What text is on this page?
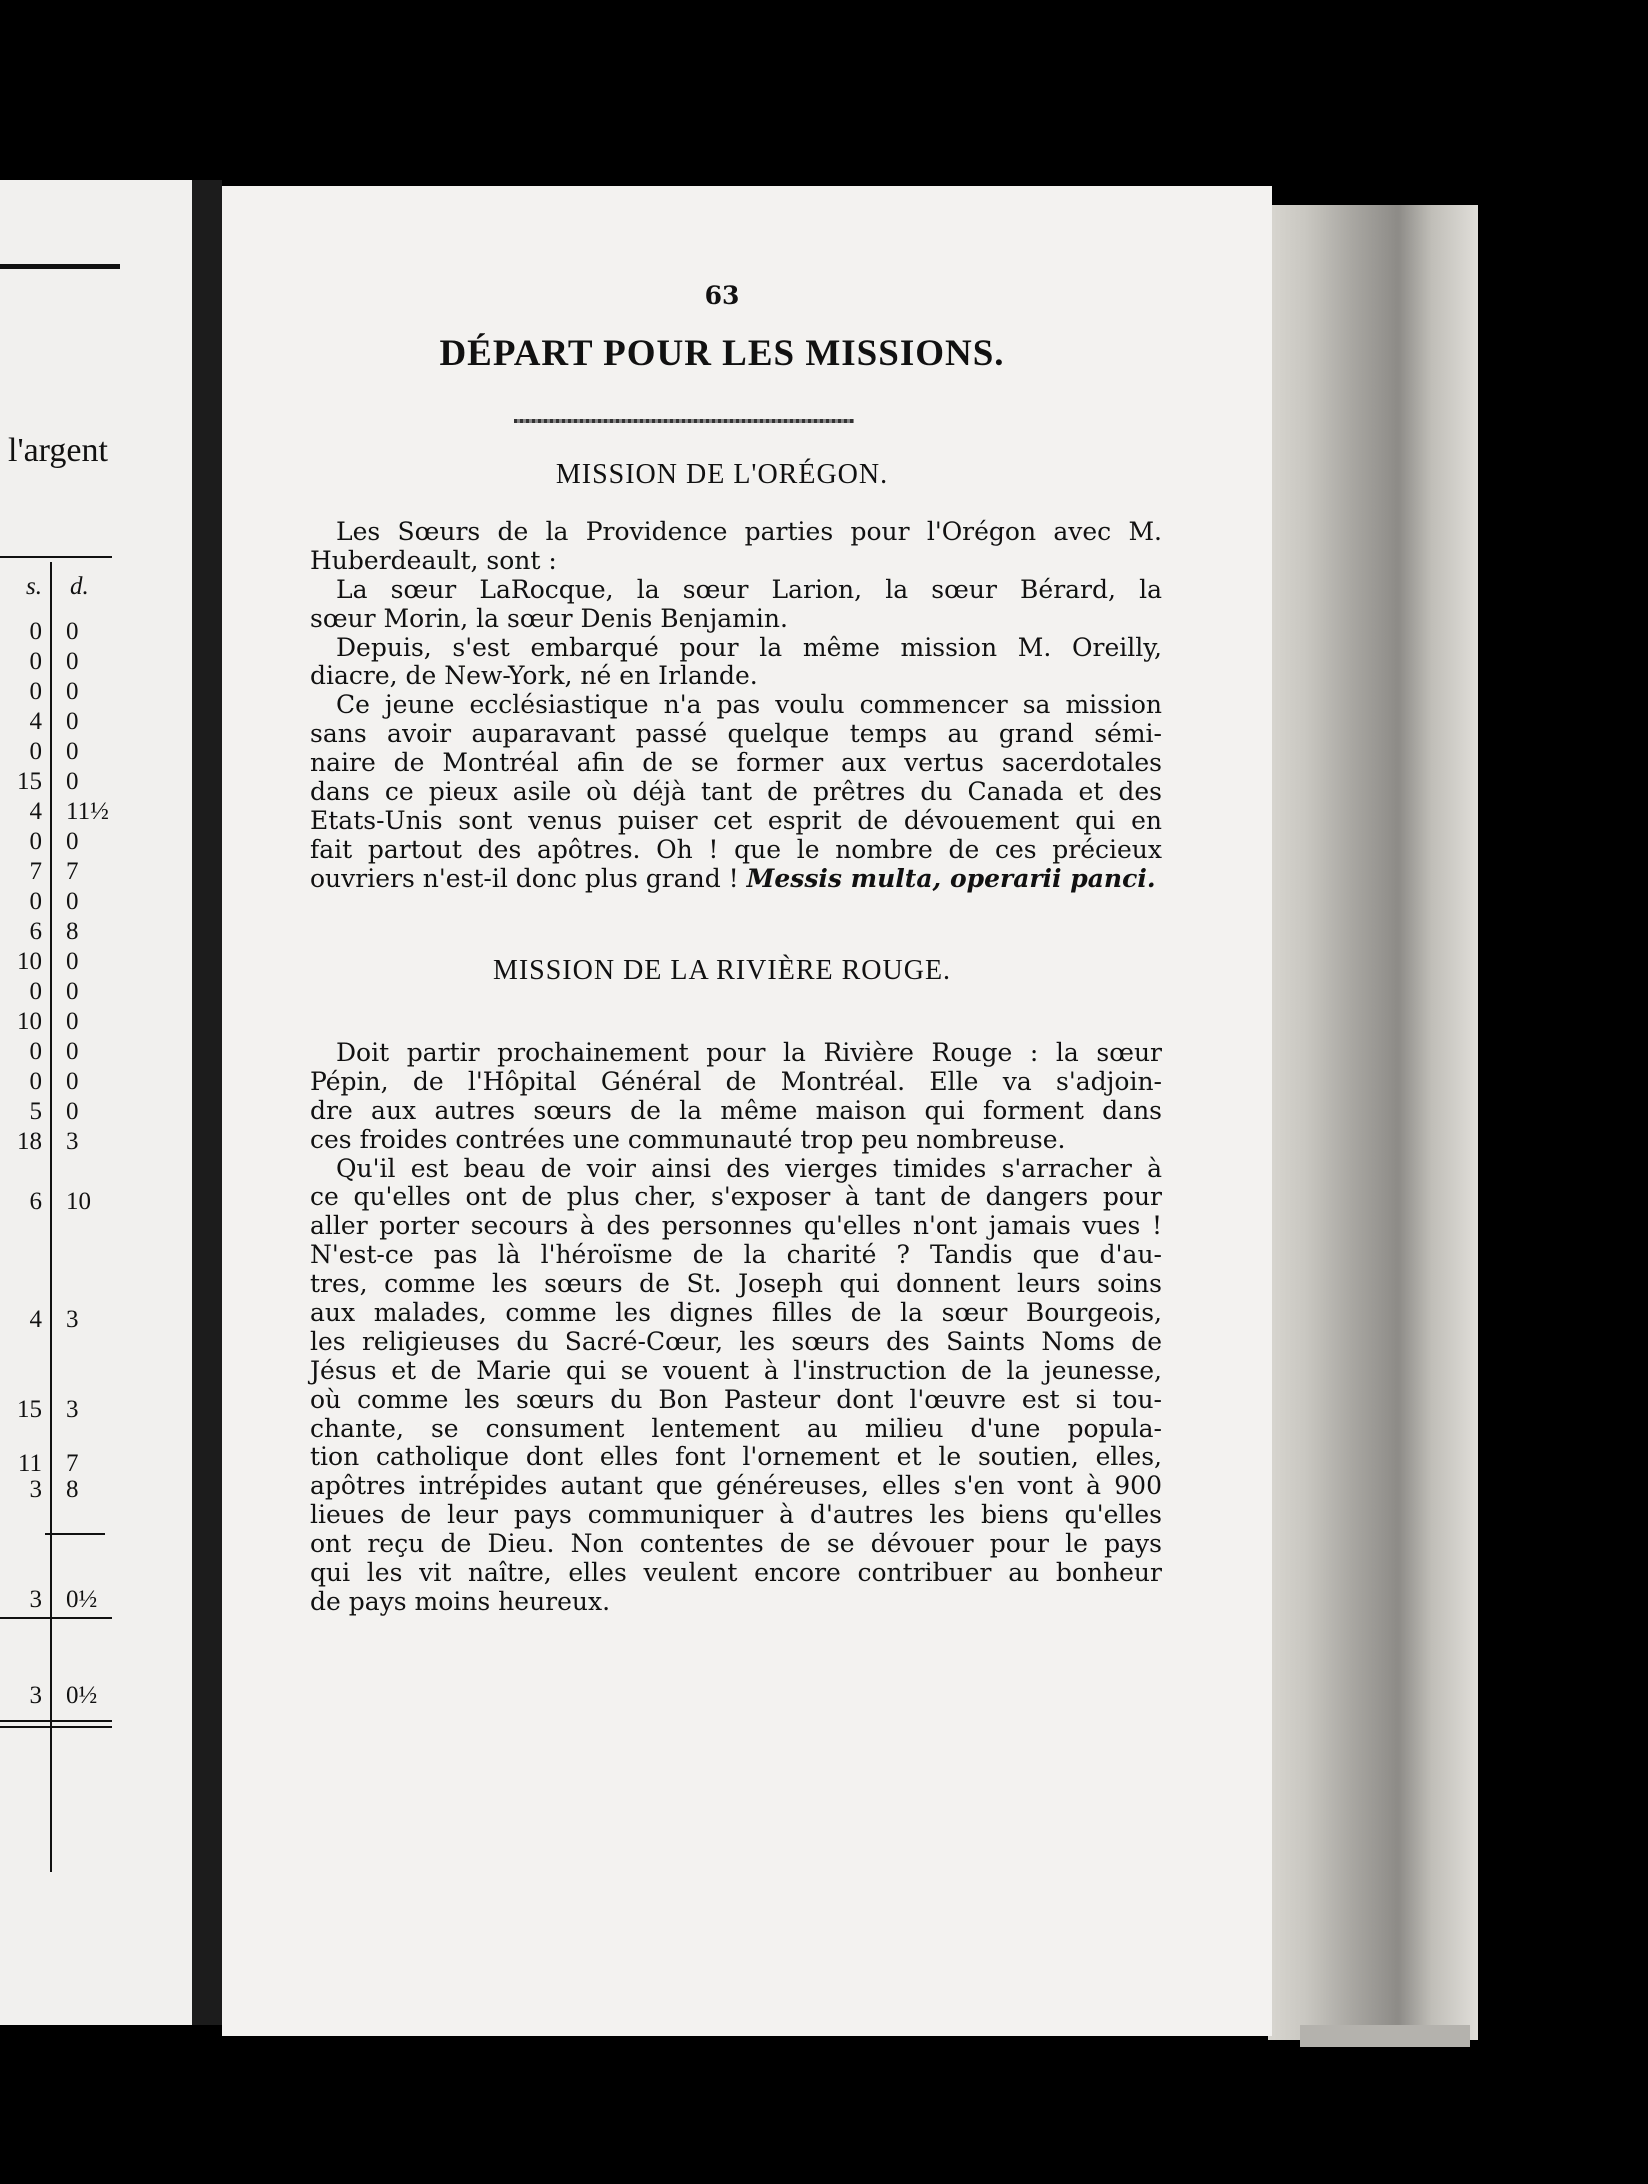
l'argent
s. d.
0 0
0 0
0 0
4 0
0 0
15 0
4 11½
0 0
7 7
0 0
6 8
10 0
0 0
10 0
0 0
0 0
5 0
18 3
6 10
4 3
15 3
11 7
3 8
3 0½
3 0½
63
DÉPART POUR LES MISSIONS.
MISSION DE L'ORÉGON.
Les Sœurs de la Providence parties pour l'Orégon avec M.
Huberdeault, sont :
La sœur LaRocque, la sœur Larion, la sœur Bérard, la
sœur Morin, la sœur Denis Benjamin.
Depuis, s'est embarqué pour la même mission M. Oreilly,
diacre, de New-York, né en Irlande.
Ce jeune ecclésiastique n'a pas voulu commencer sa mission
sans avoir auparavant passé quelque temps au grand sémi-
naire de Montréal afin de se former aux vertus sacerdotales
dans ce pieux asile où déjà tant de prêtres du Canada et des
Etats-Unis sont venus puiser cet esprit de dévouement qui en
fait partout des apôtres. Oh ! que le nombre de ces précieux
ouvriers n'est-il donc plus grand ! Messis multa, operarii panci.
MISSION DE LA RIVIÈRE ROUGE.
Doit partir prochainement pour la Rivière Rouge : la sœur
Pépin, de l'Hôpital Général de Montréal. Elle va s'adjoin-
dre aux autres sœurs de la même maison qui forment dans
ces froides contrées une communauté trop peu nombreuse.
Qu'il est beau de voir ainsi des vierges timides s'arracher à
ce qu'elles ont de plus cher, s'exposer à tant de dangers pour
aller porter secours à des personnes qu'elles n'ont jamais vues !
N'est-ce pas là l'héroïsme de la charité ? Tandis que d'au-
tres, comme les sœurs de St. Joseph qui donnent leurs soins
aux malades, comme les dignes filles de la sœur Bourgeois,
les religieuses du Sacré-Cœur, les sœurs des Saints Noms de
Jésus et de Marie qui se vouent à l'instruction de la jeunesse,
où comme les sœurs du Bon Pasteur dont l'œuvre est si tou-
chante, se consument lentement au milieu d'une popula-
tion catholique dont elles font l'ornement et le soutien, elles,
apôtres intrépides autant que généreuses, elles s'en vont à 900
lieues de leur pays communiquer à d'autres les biens qu'elles
ont reçu de Dieu. Non contentes de se dévouer pour le pays
qui les vit naître, elles veulent encore contribuer au bonheur
de pays moins heureux.
